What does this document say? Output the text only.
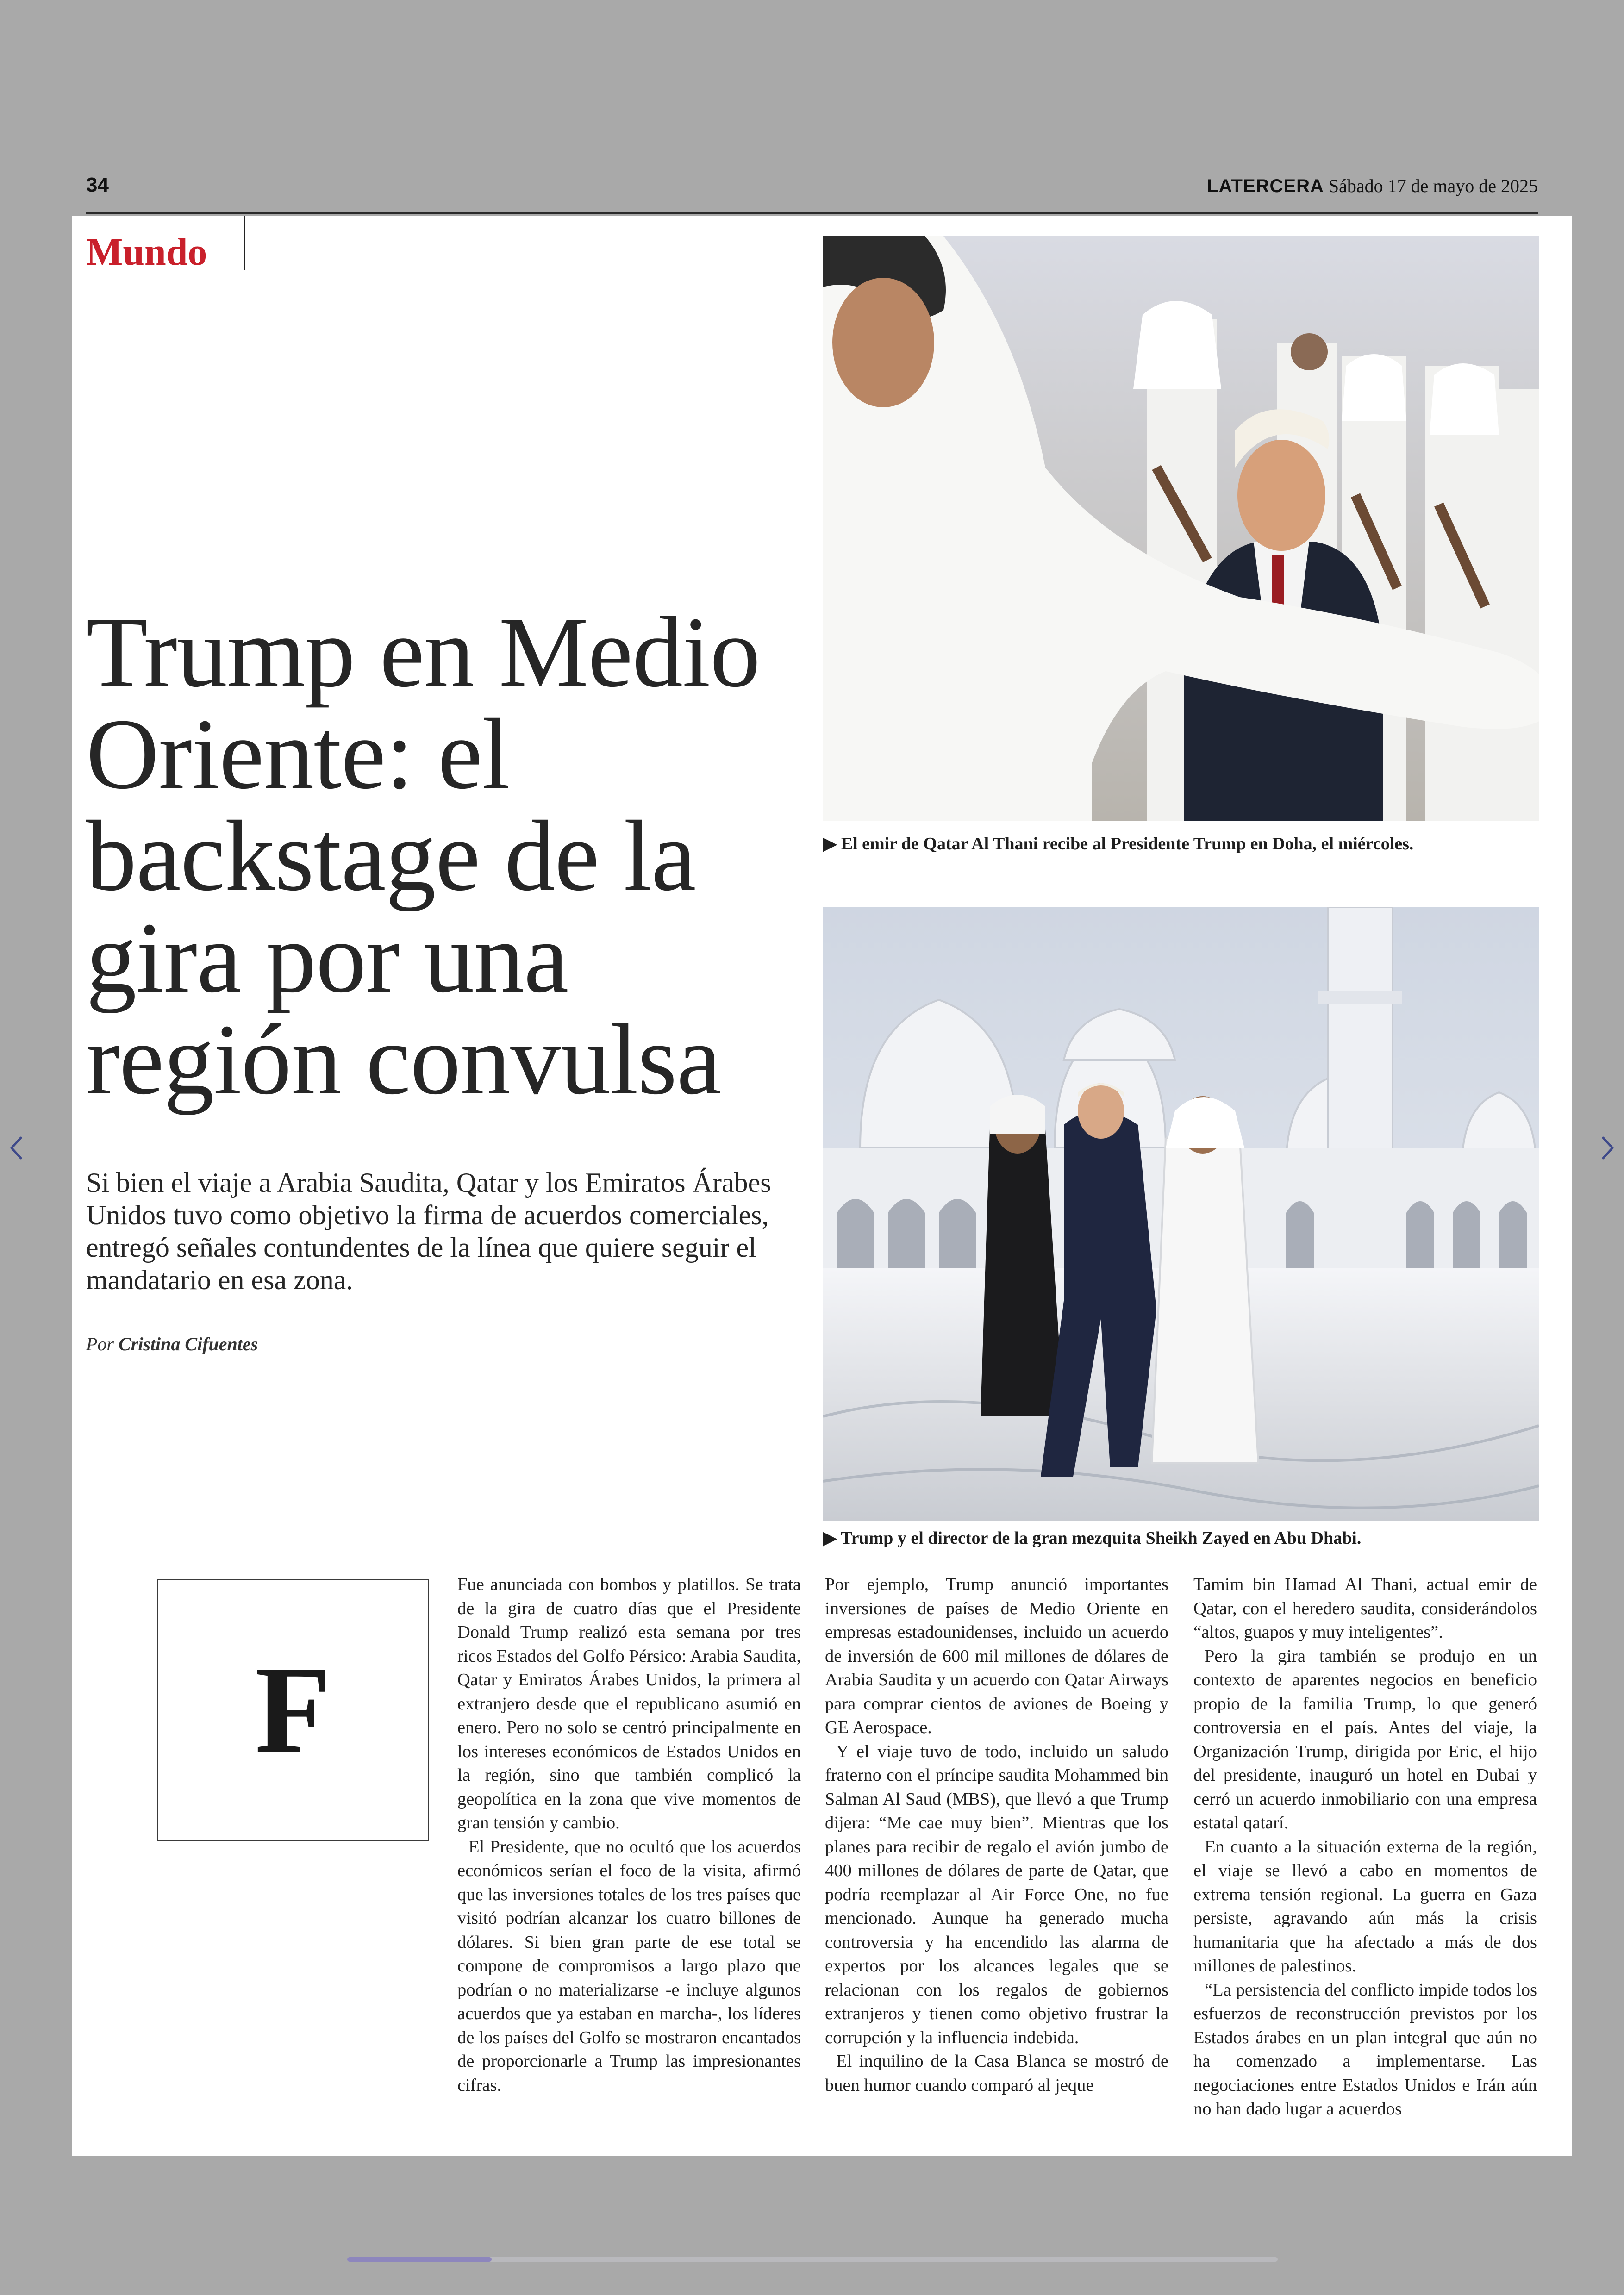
34	LATERCERA Sábado 17 de mayo de 2025
Mundo
Trump en Medio Oriente: el backstage de la gira por una región convulsa
Si bien el viaje a Arabia Saudita, Qatar y los Emiratos Árabes Unidos tuvo como objetivo la firma de acuerdos comerciales, entregó señales contundentes de la línea que quiere seguir el mandatario en esa zona.
Por Cristina Cifuentes
▶ El emir de Qatar Al Thani recibe al Presidente Trump en Doha, el miércoles.
▶ Trump y el director de la gran mezquita Sheikh Zayed en Abu Dhabi.
F

Fue anunciada con bombos y platillos. Se trata de la gira de cuatro días que el Presidente Donald Trump realizó esta semana por tres ricos Estados del Golfo Pérsico: Arabia Saudita, Qatar y Emiratos Árabes Unidos, la primera al extranjero desde que el republicano asumió en enero. Pero no solo se centró principalmente en los intereses económicos de Estados Unidos en la región, sino que también complicó la geopolítica en la zona que vive momentos de gran tensión y cambio.

El Presidente, que no ocultó que los acuerdos económicos serían el foco de la visita, afirmó que las inversiones totales de los tres países que visitó podrían alcanzar los cuatro billones de dólares. Si bien gran parte de ese total se compone de compromisos a largo plazo que podrían o no materializarse -e incluye algunos acuerdos que ya estaban en marcha-, los líderes de los países del Golfo se mostraron encantados de proporcionarle a Trump las impresionantes cifras.

Por ejemplo, Trump anunció importantes inversiones de países de Medio Oriente en empresas estadounidenses, incluido un acuerdo de inversión de 600 mil millones de dólares de Arabia Saudita y un acuerdo con Qatar Airways para comprar cientos de aviones de Boeing y GE Aerospace.

Y el viaje tuvo de todo, incluido un saludo fraterno con el príncipe saudita Mohammed bin Salman Al Saud (MBS), que llevó a que Trump dijera: “Me cae muy bien”. Mientras que los planes para recibir de regalo el avión jumbo de 400 millones de dólares de parte de Qatar, que podría reemplazar al Air Force One, no fue mencionado. Aunque ha generado mucha controversia y ha encendido las alarma de expertos por los alcances legales que se relacionan con los regalos de gobiernos extranjeros y tienen como objetivo frustrar la corrupción y la influencia indebida.

El inquilino de la Casa Blanca se mostró de buen humor cuando comparó al jeque

Tamim bin Hamad Al Thani, actual emir de Qatar, con el heredero saudita, considerándolos “altos, guapos y muy inteligentes”.

Pero la gira también se produjo en un contexto de aparentes negocios en beneficio propio de la familia Trump, lo que generó controversia en el país. Antes del viaje, la Organización Trump, dirigida por Eric, el hijo del presidente, inauguró un hotel en Dubai y cerró un acuerdo inmobiliario con una empresa estatal qatarí.

En cuanto a la situación externa de la región, el viaje se llevó a cabo en momentos de extrema tensión regional. La guerra en Gaza persiste, agravando aún más la crisis humanitaria que ha afectado a más de dos millones de palestinos.

“La persistencia del conflicto impide todos los esfuerzos de reconstrucción previstos por los Estados árabes en un plan integral que aún no ha comenzado a implementarse. Las negociaciones entre Estados Unidos e Irán aún no han dado lugar a acuerdos
